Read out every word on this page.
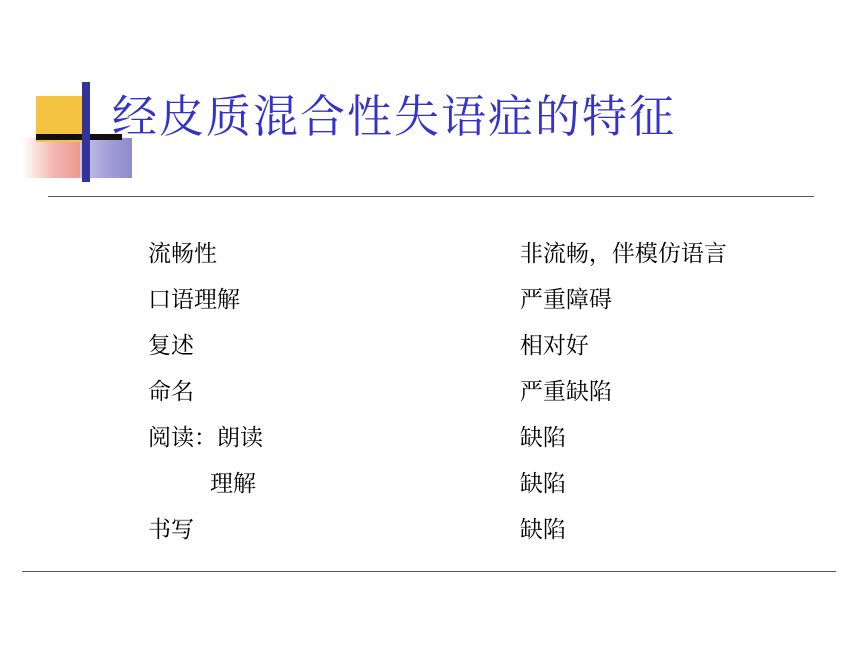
经皮质混合性失语症的特征
流畅性	非流畅，伴模仿语言
口语理解	严重障碍
复述	相对好
命名	严重缺陷
阅读：朗读	缺陷
理解	缺陷
书写	缺陷
